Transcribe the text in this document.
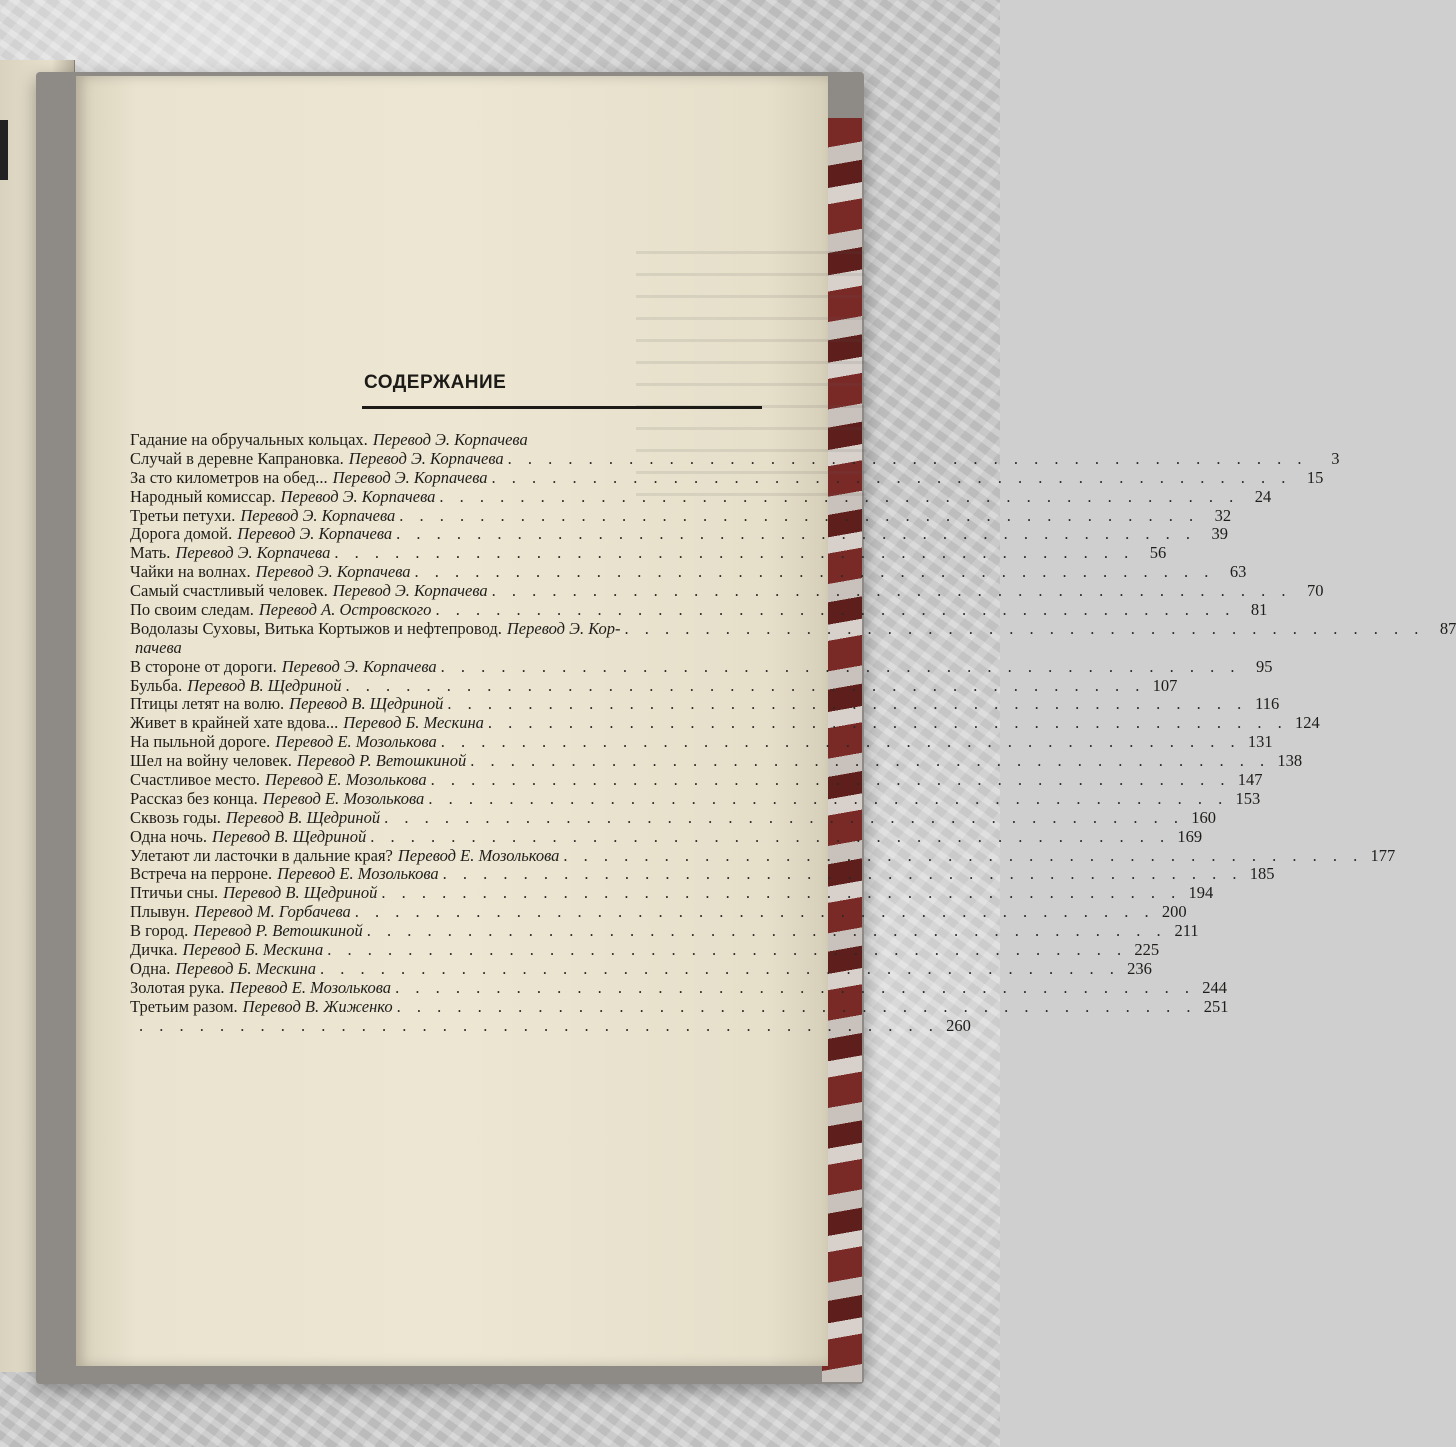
СОДЕРЖАНИЕ
Гадание на обручальных кольцах. Перевод Э. Корпачева
Случай в деревне Капрановка. Перевод Э. Корпачева . . . . . . . . . . . . . . . . . . . . . . . . . . . . . . . . . . . . . . . .	3
За сто километров на обед... Перевод Э. Корпачева . . . . . . . . . . . . . . . . . . . . . . . . . . . . . . . . . . . . . . . . 15
Народный комиссар. Перевод Э. Корпачева . . . . . . . . . . . . . . . . . . . . . . . . . . . . . . . . . . . . . . . . 24
Третьи петухи. Перевод Э. Корпачева . . . . . . . . . . . . . . . . . . . . . . . . . . . . . . . . . . . . . . . . 32
Дорога домой. Перевод Э. Корпачева . . . . . . . . . . . . . . . . . . . . . . . . . . . . . . . . . . . . . . . . 39
Мать. Перевод Э. Корпачева . . . . . . . . . . . . . . . . . . . . . . . . . . . . . . . . . . . . . . . . 56
Чайки на волнах. Перевод Э. Корпачева . . . . . . . . . . . . . . . . . . . . . . . . . . . . . . . . . . . . . . . . 63
Самый счастливый человек. Перевод Э. Корпачева . . . . . . . . . . . . . . . . . . . . . . . . . . . . . . . . . . . . . . . . 70
По своим следам. Перевод А. Островского . . . . . . . . . . . . . . . . . . . . . . . . . . . . . . . . . . . . . . . . 81
Водолазы Суховы, Витька Кортыжов и нефтепровод. Перевод Э. Кор- . . . . . . . . . . . . . . . . . . . . . . . . . . . . . . . . . . . . . . . . 87
пачева
В стороне от дороги. Перевод Э. Корпачева . . . . . . . . . . . . . . . . . . . . . . . . . . . . . . . . . . . . . . . . 95
Бульба. Перевод В. Щедриной . . . . . . . . . . . . . . . . . . . . . . . . . . . . . . . . . . . . . . . . 107
Птицы летят на волю. Перевод В. Щедриной . . . . . . . . . . . . . . . . . . . . . . . . . . . . . . . . . . . . . . . . 116
Живет в крайней хате вдова... Перевод Б. Мескина . . . . . . . . . . . . . . . . . . . . . . . . . . . . . . . . . . . . . . . . 124
На пыльной дороге. Перевод Е. Мозолькова . . . . . . . . . . . . . . . . . . . . . . . . . . . . . . . . . . . . . . . . 131
Шел на войну человек. Перевод Р. Ветошкиной . . . . . . . . . . . . . . . . . . . . . . . . . . . . . . . . . . . . . . . . 138
Счастливое место. Перевод Е. Мозолькова . . . . . . . . . . . . . . . . . . . . . . . . . . . . . . . . . . . . . . . . 147
Рассказ без конца. Перевод Е. Мозолькова . . . . . . . . . . . . . . . . . . . . . . . . . . . . . . . . . . . . . . . . 153
Сквозь годы. Перевод В. Щедриной . . . . . . . . . . . . . . . . . . . . . . . . . . . . . . . . . . . . . . . . 160
Одна ночь. Перевод В. Щедриной . . . . . . . . . . . . . . . . . . . . . . . . . . . . . . . . . . . . . . . . 169
Улетают ли ласточки в дальние края? Перевод Е. Мозолькова . . . . . . . . . . . . . . . . . . . . . . . . . . . . . . . . . . . . . . . . 177
Встреча на перроне. Перевод Е. Мозолькова . . . . . . . . . . . . . . . . . . . . . . . . . . . . . . . . . . . . . . . . 185
Птичьи сны. Перевод В. Щедриной . . . . . . . . . . . . . . . . . . . . . . . . . . . . . . . . . . . . . . . . 194
Плывун. Перевод М. Горбачева . . . . . . . . . . . . . . . . . . . . . . . . . . . . . . . . . . . . . . . . 200
В город. Перевод Р. Ветошкиной . . . . . . . . . . . . . . . . . . . . . . . . . . . . . . . . . . . . . . . . 211
Дичка. Перевод Б. Мескина . . . . . . . . . . . . . . . . . . . . . . . . . . . . . . . . . . . . . . . . 225
Одна. Перевод Б. Мескина . . . . . . . . . . . . . . . . . . . . . . . . . . . . . . . . . . . . . . . . 236
Золотая рука. Перевод Е. Мозолькова . . . . . . . . . . . . . . . . . . . . . . . . . . . . . . . . . . . . . . . . 244
Третьим разом. Перевод В. Жиженко . . . . . . . . . . . . . . . . . . . . . . . . . . . . . . . . . . . . . . . . 251
. . . . . . . . . . . . . . . . . . . . . . . . . . . . . . . . . . . . . . . . 260
